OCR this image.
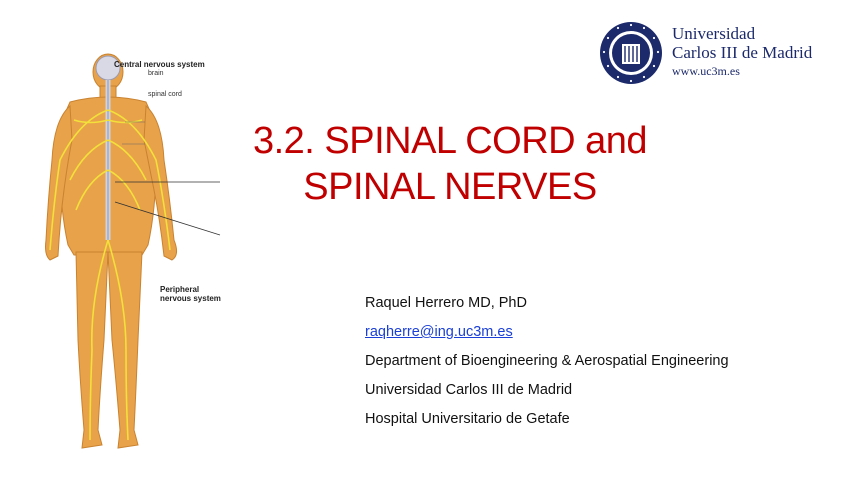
Central nervous system
brain
spinal cord
Peripheral
nervous system
3.2. SPINAL CORD and
SPINAL NERVES
Raquel Herrero MD, PhD
raqherre@ing.uc3m.es
Department of Bioengineering & Aerospatial Engineering
Universidad Carlos III de Madrid
Hospital Universitario de Getafe
Universidad
Carlos III de Madrid
www.uc3m.es
